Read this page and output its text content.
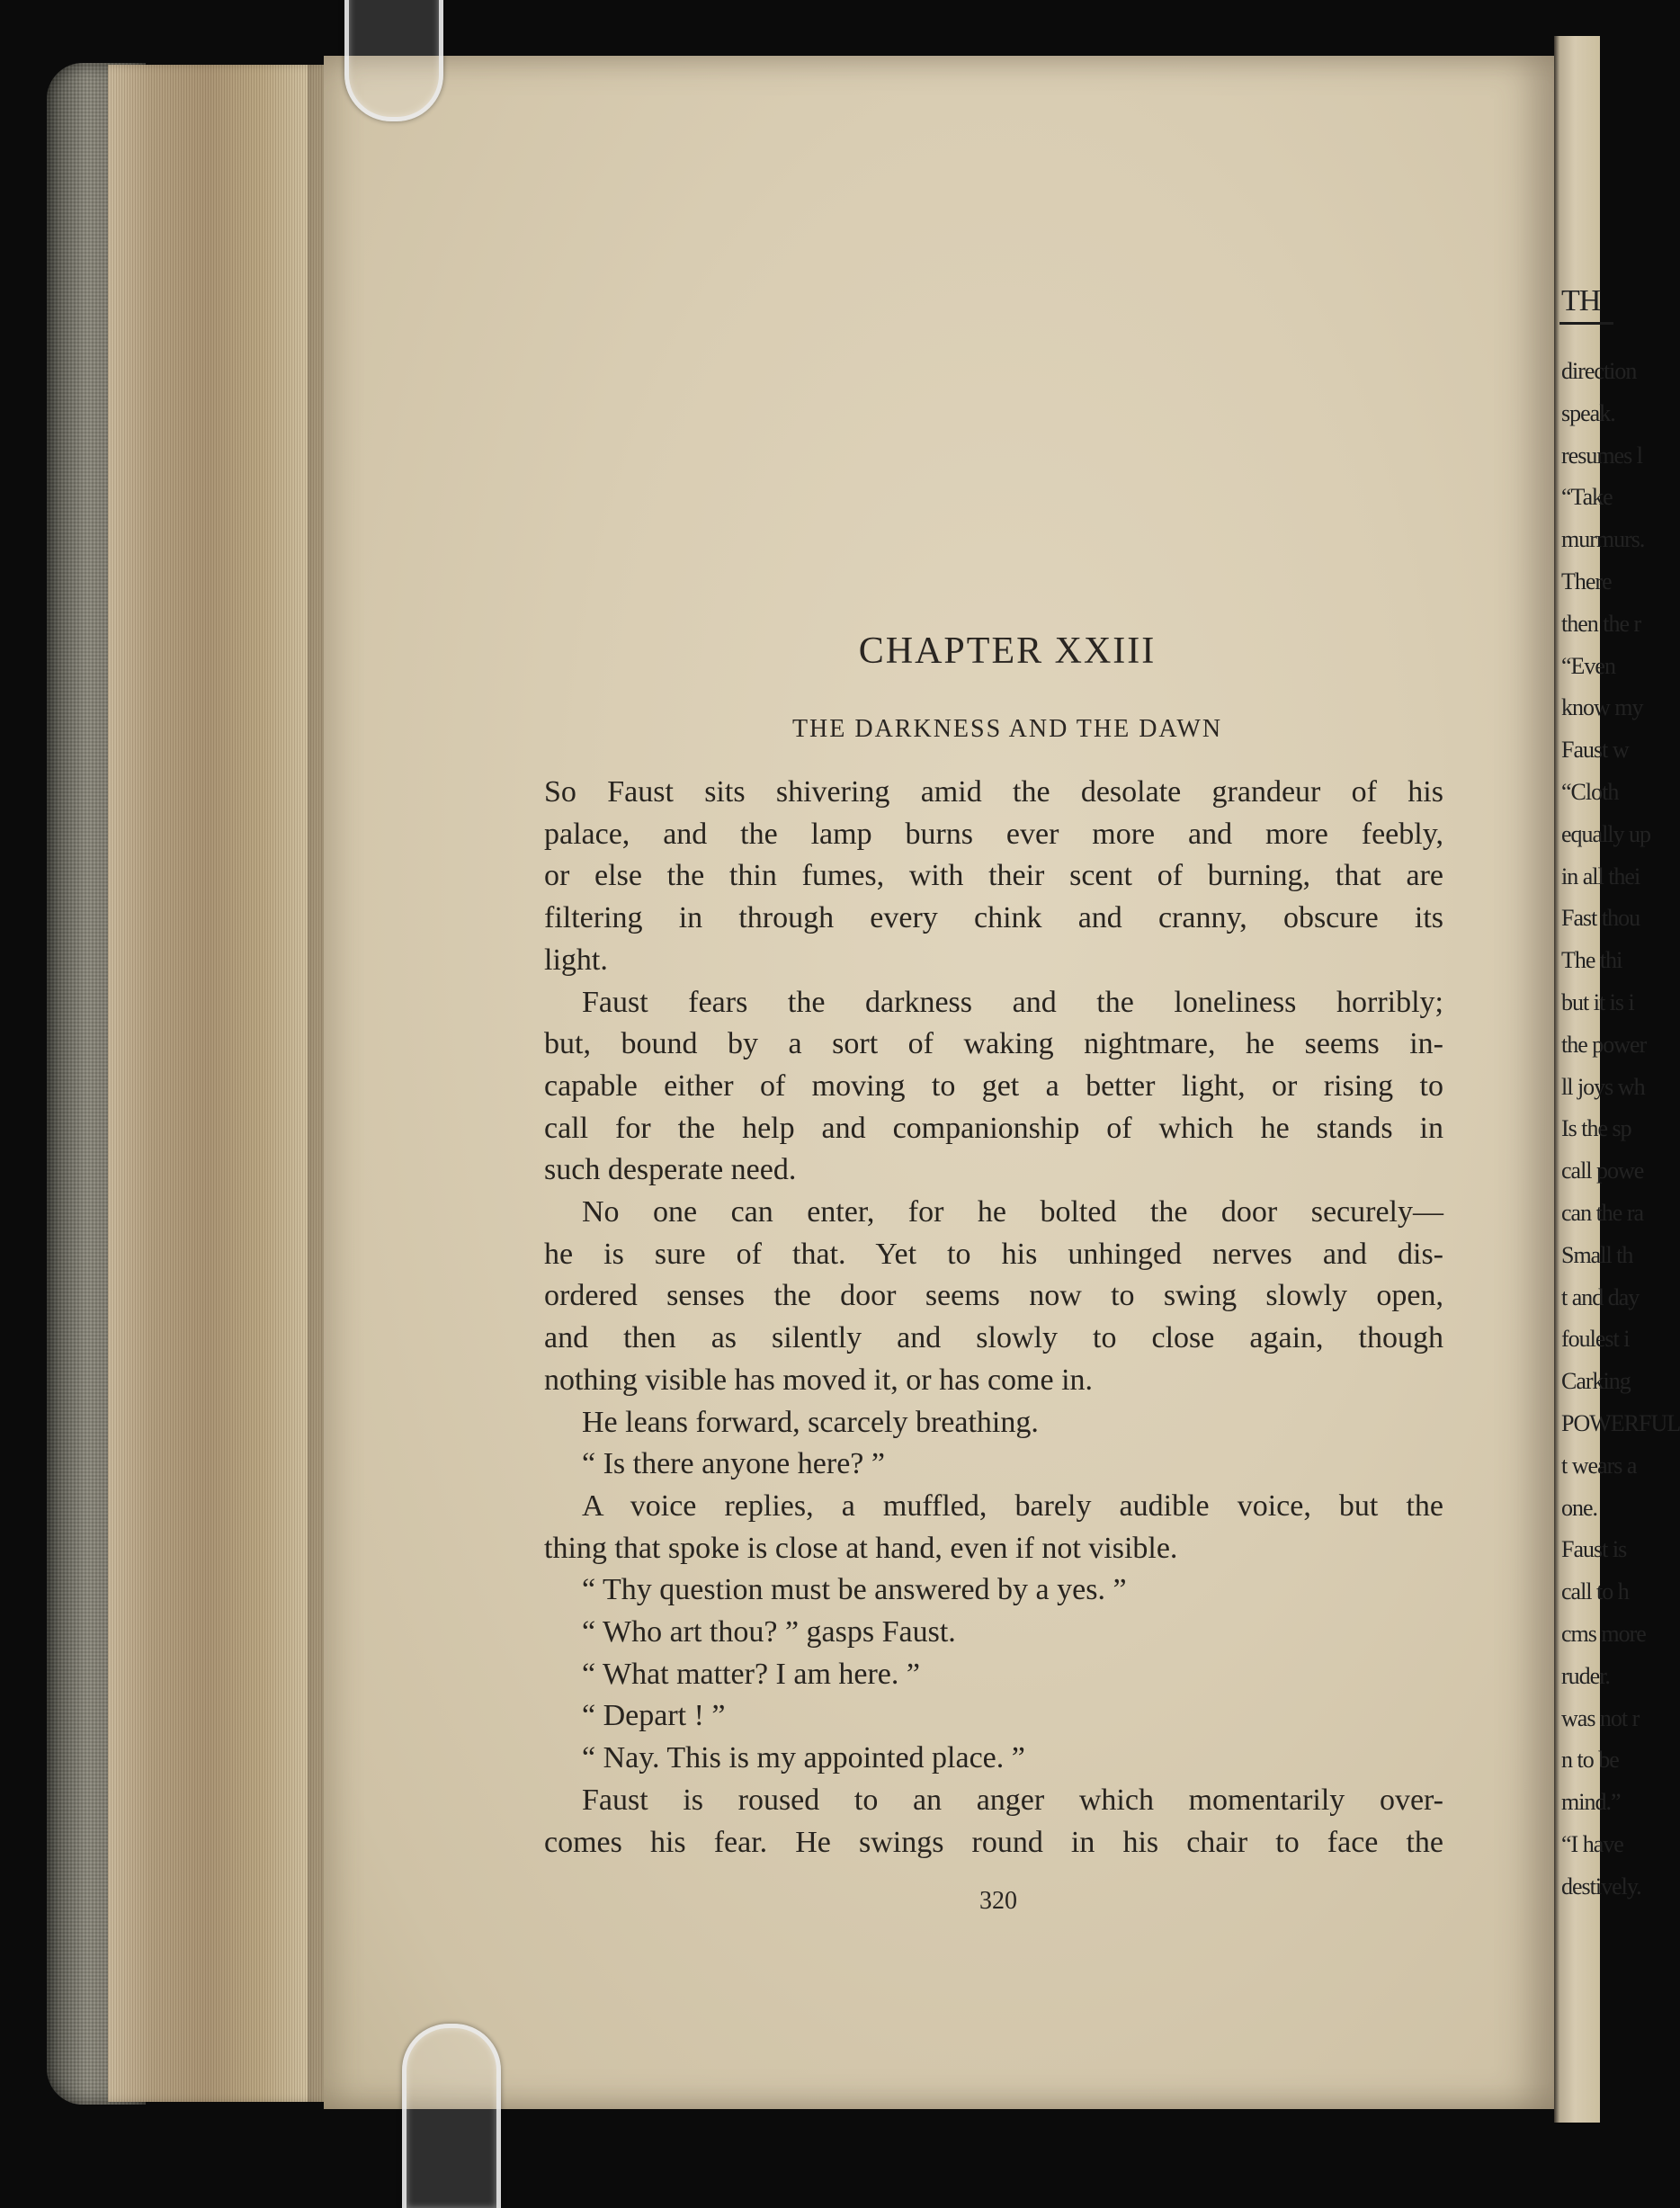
TH
direction
speak.
resumes l
“Take
murmurs.
There
then the r
“Even
know my
Faust w
“Cloth
equally up
in all thei
Fast thou
The thi
but it is i
the power
ll joys wh
Is the sp
call powe
can the ra
Small th
t and day
foulest i
Carking
POWERFUL
t wears a
one.
Faust is
call to h
cms more
ruder.
was not r
n to be
mind.”
“I have
destively.
CHAPTER XXIII
THE DARKNESS AND THE DAWN
So Faust sits shivering amid the desolate grandeur of his
palace, and the lamp burns ever more and more feebly,
or else the thin fumes, with their scent of burning, that are
filtering in through every chink and cranny, obscure its
light.
Faust fears the darkness and the loneliness horribly;
but, bound by a sort of waking nightmare, he seems in-
capable either of moving to get a better light, or rising to
call for the help and companionship of which he stands in
such desperate need.
No one can enter, for he bolted the door securely—
he is sure of that. Yet to his unhinged nerves and dis-
ordered senses the door seems now to swing slowly open,
and then as silently and slowly to close again, though
nothing visible has moved it, or has come in.
He leans forward, scarcely breathing.
“ Is there anyone here? ”
A voice replies, a muffled, barely audible voice, but the
thing that spoke is close at hand, even if not visible.
“ Thy question must be answered by a yes. ”
“ Who art thou? ” gasps Faust.
“ What matter? I am here. ”
“ Depart ! ”
“ Nay. This is my appointed place. ”
Faust is roused to an anger which momentarily over-
comes his fear. He swings round in his chair to face the
320
